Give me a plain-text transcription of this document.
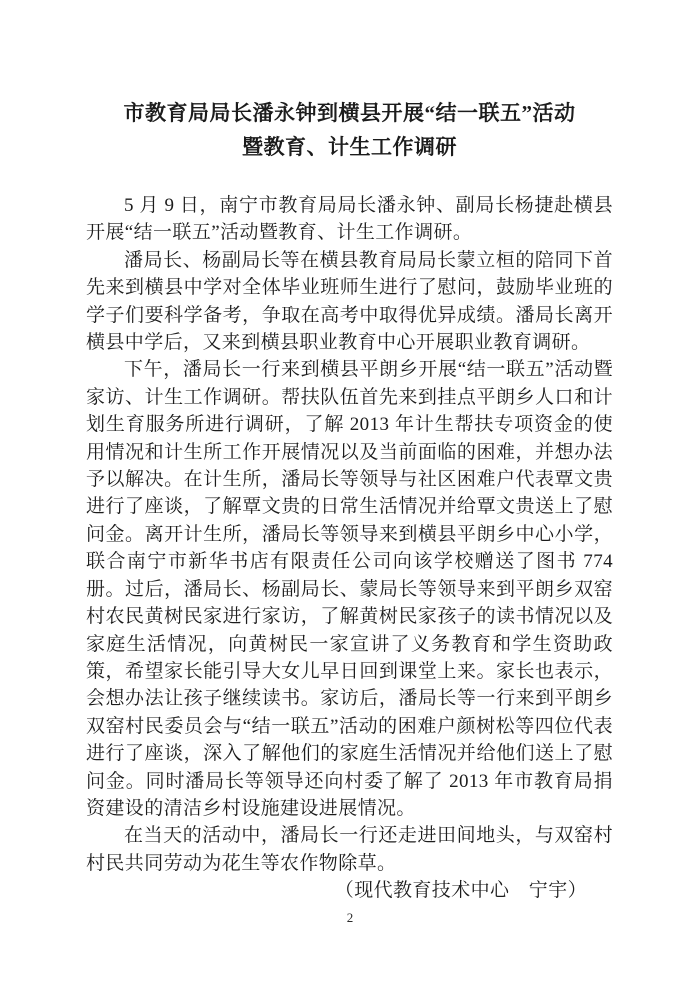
市教育局局长潘永钟到横县开展“结一联五”活动
暨教育、计生工作调研

5 月 9 日，南宁市教育局局长潘永钟、副局长杨捷赴横县开展“结一联五”活动暨教育、计生工作调研。

潘局长、杨副局长等在横县教育局局长蒙立桓的陪同下首先来到横县中学对全体毕业班师生进行了慰问，鼓励毕业班的学子们要科学备考，争取在高考中取得优异成绩。潘局长离开横县中学后，又来到横县职业教育中心开展职业教育调研。

下午，潘局长一行来到横县平朗乡开展“结一联五”活动暨家访、计生工作调研。帮扶队伍首先来到挂点平朗乡人口和计划生育服务所进行调研，了解 2013 年计生帮扶专项资金的使用情况和计生所工作开展情况以及当前面临的困难，并想办法予以解决。在计生所，潘局长等领导与社区困难户代表覃文贵进行了座谈，了解覃文贵的日常生活情况并给覃文贵送上了慰问金。离开计生所，潘局长等领导来到横县平朗乡中心小学，联合南宁市新华书店有限责任公司向该学校赠送了图书 774 册。过后，潘局长、杨副局长、蒙局长等领导来到平朗乡双窑村农民黄树民家进行家访，了解黄树民家孩子的读书情况以及家庭生活情况，向黄树民一家宣讲了义务教育和学生资助政策，希望家长能引导大女儿早日回到课堂上来。家长也表示，会想办法让孩子继续读书。家访后，潘局长等一行来到平朗乡双窑村民委员会与“结一联五”活动的困难户颜树松等四位代表进行了座谈，深入了解他们的家庭生活情况并给他们送上了慰问金。同时潘局长等领导还向村委了解了 2013 年市教育局捐资建设的清洁乡村设施建设进展情况。

在当天的活动中，潘局长一行还走进田间地头，与双窑村村民共同劳动为花生等农作物除草。

（现代教育技术中心　宁宇）

2
